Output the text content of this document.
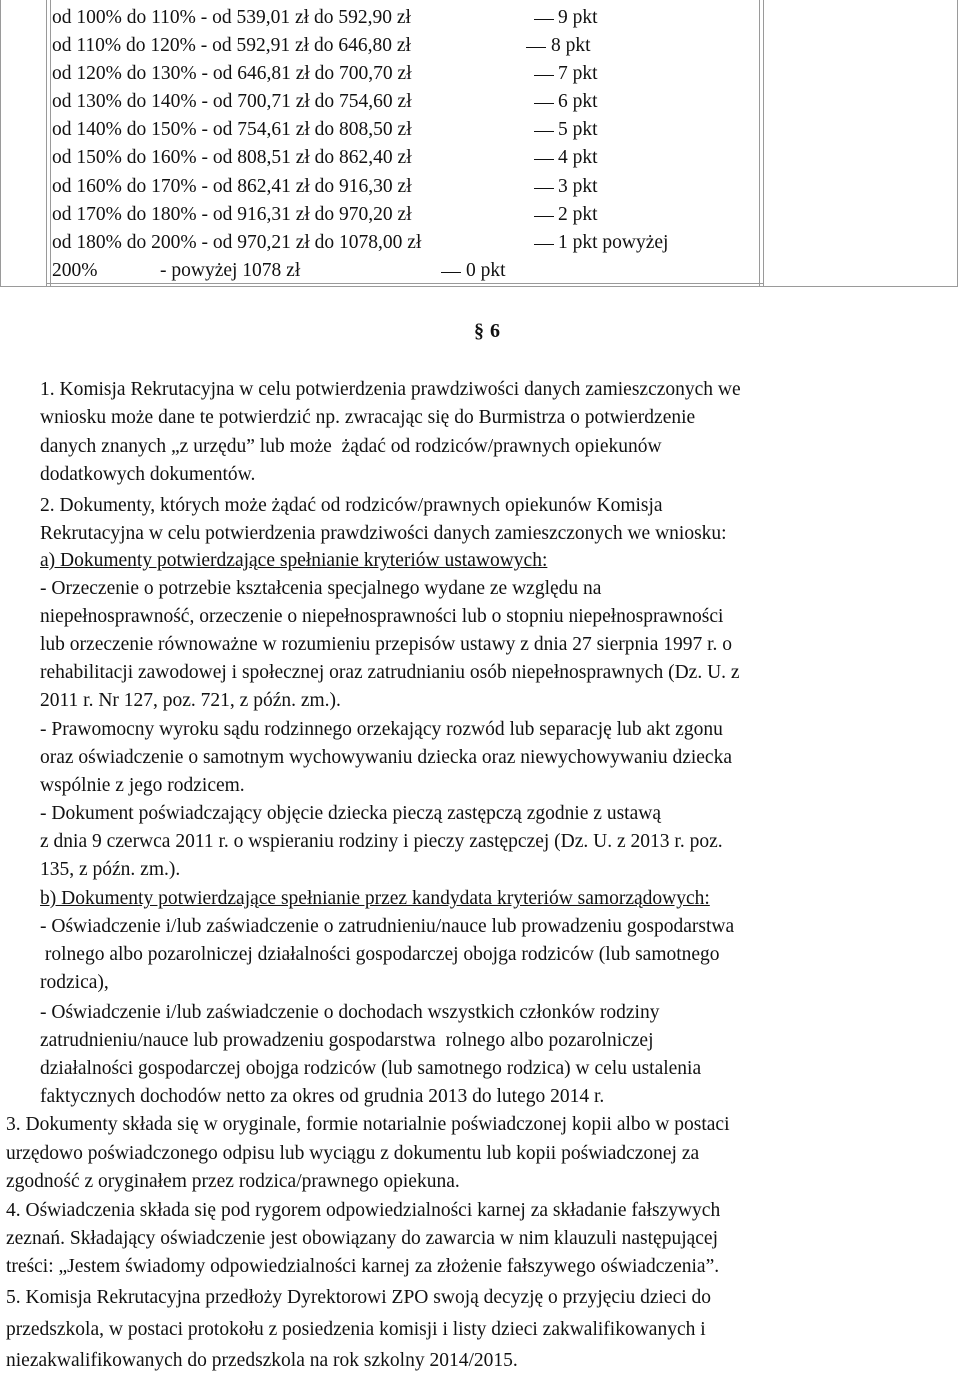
od 100% do 110% - od 539,01 zł do 592,90 zł	9 pkt
od 110% do 120% - od 592,91 zł do 646,80 zł	8 pkt
od 120% do 130% - od 646,81 zł do 700,70 zł	7 pkt
od 130% do 140% - od 700,71 zł do 754,60 zł	6 pkt
od 140% do 150% - od 754,61 zł do 808,50 zł	5 pkt
od 150% do 160% - od 808,51 zł do 862,40 zł	4 pkt
od 160% do 170% - od 862,41 zł do 916,30 zł	3 pkt
od 170% do 180% - od 916,31 zł do 970,20 zł	2 pkt
od 180% do 200% - od 970,21 zł do 1078,00 zł	1 pkt powyżej
200%	- powyżej 1078 zł	0 pkt
§ 6
1. Komisja Rekrutacyjna w celu potwierdzenia prawdziwości danych zamieszczonych we
wniosku może dane te potwierdzić np. zwracając się do Burmistrza o potwierdzenie
danych znanych „z urzędu” lub może  żądać od rodziców/prawnych opiekunów
dodatkowych dokumentów.
2. Dokumenty, których może żądać od rodziców/prawnych opiekunów Komisja
Rekrutacyjna w celu potwierdzenia prawdziwości danych zamieszczonych we wniosku:
a) Dokumenty potwierdzające spełnianie kryteriów ustawowych:
- Orzeczenie o potrzebie kształcenia specjalnego wydane ze względu na
niepełnosprawność, orzeczenie o niepełnosprawności lub o stopniu niepełnosprawności
lub orzeczenie równoważne w rozumieniu przepisów ustawy z dnia 27 sierpnia 1997 r. o
rehabilitacji zawodowej i społecznej oraz zatrudnianiu osób niepełnosprawnych (Dz. U. z
2011 r. Nr 127, poz. 721, z późn. zm.).
- Prawomocny wyroku sądu rodzinnego orzekający rozwód lub separację lub akt zgonu
oraz oświadczenie o samotnym wychowywaniu dziecka oraz niewychowywaniu dziecka
wspólnie z jego rodzicem.
- Dokument poświadczający objęcie dziecka pieczą zastępczą zgodnie z ustawą
z dnia 9 czerwca 2011 r. o wspieraniu rodziny i pieczy zastępczej (Dz. U. z 2013 r. poz.
135, z późn. zm.).
b) Dokumenty potwierdzające spełnianie przez kandydata kryteriów samorządowych:
- Oświadczenie i/lub zaświadczenie o zatrudnieniu/nauce lub prowadzeniu gospodarstwa
rolnego albo pozarolniczej działalności gospodarczej obojga rodziców (lub samotnego
rodzica),
- Oświadczenie i/lub zaświadczenie o dochodach wszystkich członków rodziny
zatrudnieniu/nauce lub prowadzeniu gospodarstwa  rolnego albo pozarolniczej
działalności gospodarczej obojga rodziców (lub samotnego rodzica) w celu ustalenia
faktycznych dochodów netto za okres od grudnia 2013 do lutego 2014 r.
3. Dokumenty składa się w oryginale, formie notarialnie poświadczonej kopii albo w postaci
urzędowo poświadczonego odpisu lub wyciągu z dokumentu lub kopii poświadczonej za
zgodność z oryginałem przez rodzica/prawnego opiekuna.
4. Oświadczenia składa się pod rygorem odpowiedzialności karnej za składanie fałszywych
zeznań. Składający oświadczenie jest obowiązany do zawarcia w nim klauzuli następującej
treści: „Jestem świadomy odpowiedzialności karnej za złożenie fałszywego oświadczenia”.
5. Komisja Rekrutacyjna przedłoży Dyrektorowi ZPO swoją decyzję o przyjęciu dzieci do
przedszkola, w postaci protokołu z posiedzenia komisji i listy dzieci zakwalifikowanych i
niezakwalifikowanych do przedszkola na rok szkolny 2014/2015.
